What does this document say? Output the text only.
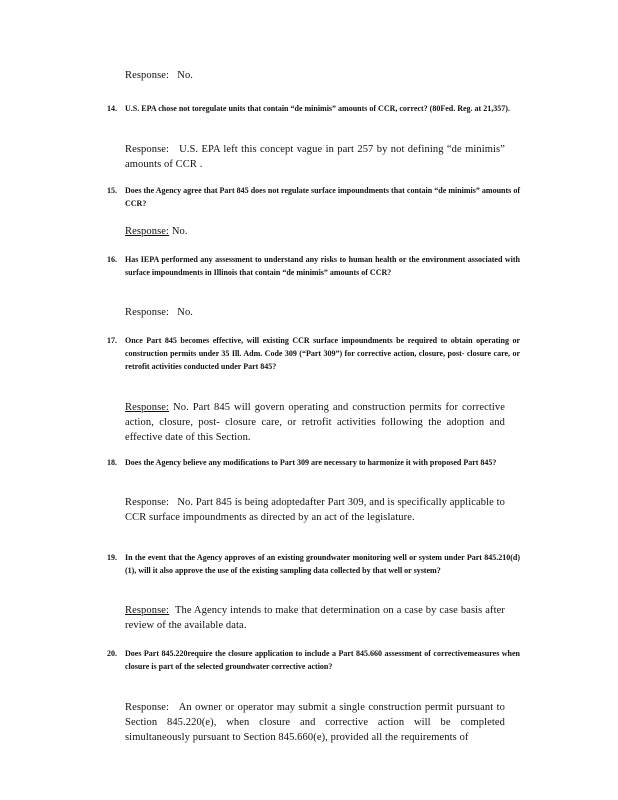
Response: No.
14. U.S. EPA chose not toregulate units that contain “de minimis” amounts of CCR, correct? (80Fed. Reg. at 21,357).
Response: U.S. EPA left this concept vague in part 257 by not defining “de minimis” amounts of CCR .
15. Does the Agency agree that Part 845 does not regulate surface impoundments that contain “de minimis” amounts of CCR?
Response: No.
16. Has IEPA performed any assessment to understand any risks to human health or the environment associated with surface impoundments in Illinois that contain “de minimis” amounts of CCR?
Response: No.
17. Once Part 845 becomes effective, will existing CCR surface impoundments be required to obtain operating or construction permits under 35 Ill. Adm. Code 309 (“Part 309”) for corrective action, closure, post- closure care, or retrofit activities conducted under Part 845?
Response: No. Part 845 will govern operating and construction permits for corrective action, closure, post- closure care, or retrofit activities following the adoption and effective date of this Section.
18. Does the Agency believe any modifications to Part 309 are necessary to harmonize it with proposed Part 845?
Response: No. Part 845 is being adoptedafter Part 309, and is specifically applicable to CCR surface impoundments as directed by an act of the legislature.
19. In the event that the Agency approves of an existing groundwater monitoring well or system under Part 845.210(d)(1), will it also approve the use of the existing sampling data collected by that well or system?
Response: The Agency intends to make that determination on a case by case basis after review of the available data.
20. Does Part 845.220require the closure application to include a Part 845.660 assessment of correctivemeasures when closure is part of the selected groundwater corrective action?
Response: An owner or operator may submit a single construction permit pursuant to Section 845.220(e), when closure and corrective action will be completed simultaneously pursuant to Section 845.660(e), provided all the requirements of
